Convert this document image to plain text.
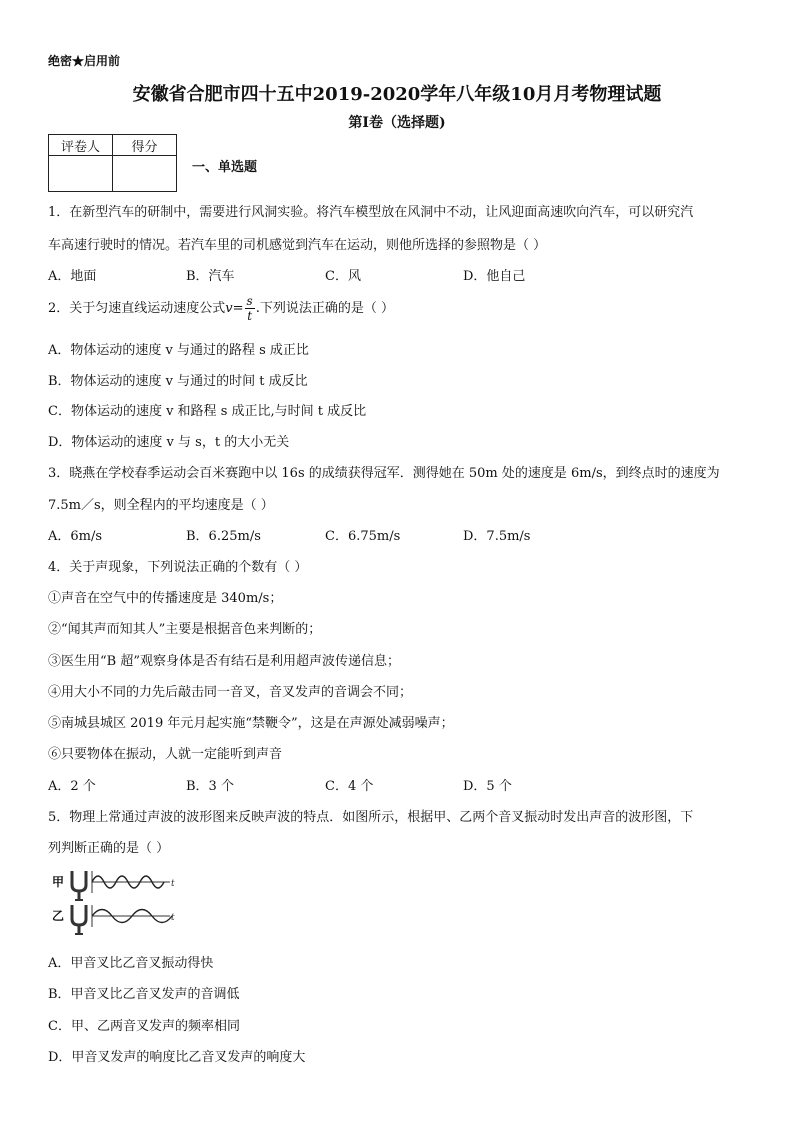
绝密★启用前
安徽省合肥市四十五中2019-2020学年八年级10月月考物理试题
第I卷（选择题)
评卷人	得分

一、单选题
1．在新型汽车的研制中，需要进行风洞实验。将汽车模型放在风洞中不动，让风迎面高速吹向汽车，可以研究汽
车高速行驶时的情况。若汽车里的司机感觉到汽车在运动，则他所选择的参照物是（ ）
A．地面	B．汽车	C．风	D．他自己
2．关于匀速直线运动速度公式$v= \frac{s}{t}$ .下列说法正确的是（ ）
A．物体运动的速度 v 与通过的路程 s 成正比
B．物体运动的速度 v 与通过的时间 t 成反比
C．物体运动的速度 v 和路程 s 成正比,与时间 t 成反比
D．物体运动的速度 v 与 s，t 的大小无关
3．晓燕在学校春季运动会百米赛跑中以 16s 的成绩获得冠军．测得她在 50m 处的速度是 6m/s，到终点时的速度为
7.5m／s，则全程内的平均速度是（ ）
A．6m/s	B．6.25m/s	C．6.75m/s	D．7.5m/s
4．关于声现象，下列说法正确的个数有（ ）
①声音在空气中的传播速度是 340m/s；
②“闻其声而知其人”主要是根据音色来判断的；
③医生用“B 超”观察身体是否有结石是利用超声波传递信息；
④用大小不同的力先后敲击同一音叉，音叉发声的音调会不同；
⑤南城县城区 2019 年元月起实施“禁鞭令”，这是在声源处减弱噪声；
⑥只要物体在振动，人就一定能听到声音
A．2 个	B．3 个	C．4 个	D．5 个
5．物理上常通过声波的波形图来反映声波的特点．如图所示，根据甲、乙两个音叉振动时发出声音的波形图，下
列判断正确的是（ ）
甲	t
乙	t
A．甲音叉比乙音叉振动得快
B．甲音叉比乙音叉发声的音调低
C．甲、乙两音叉发声的频率相同
D．甲音叉发声的响度比乙音叉发声的响度大
